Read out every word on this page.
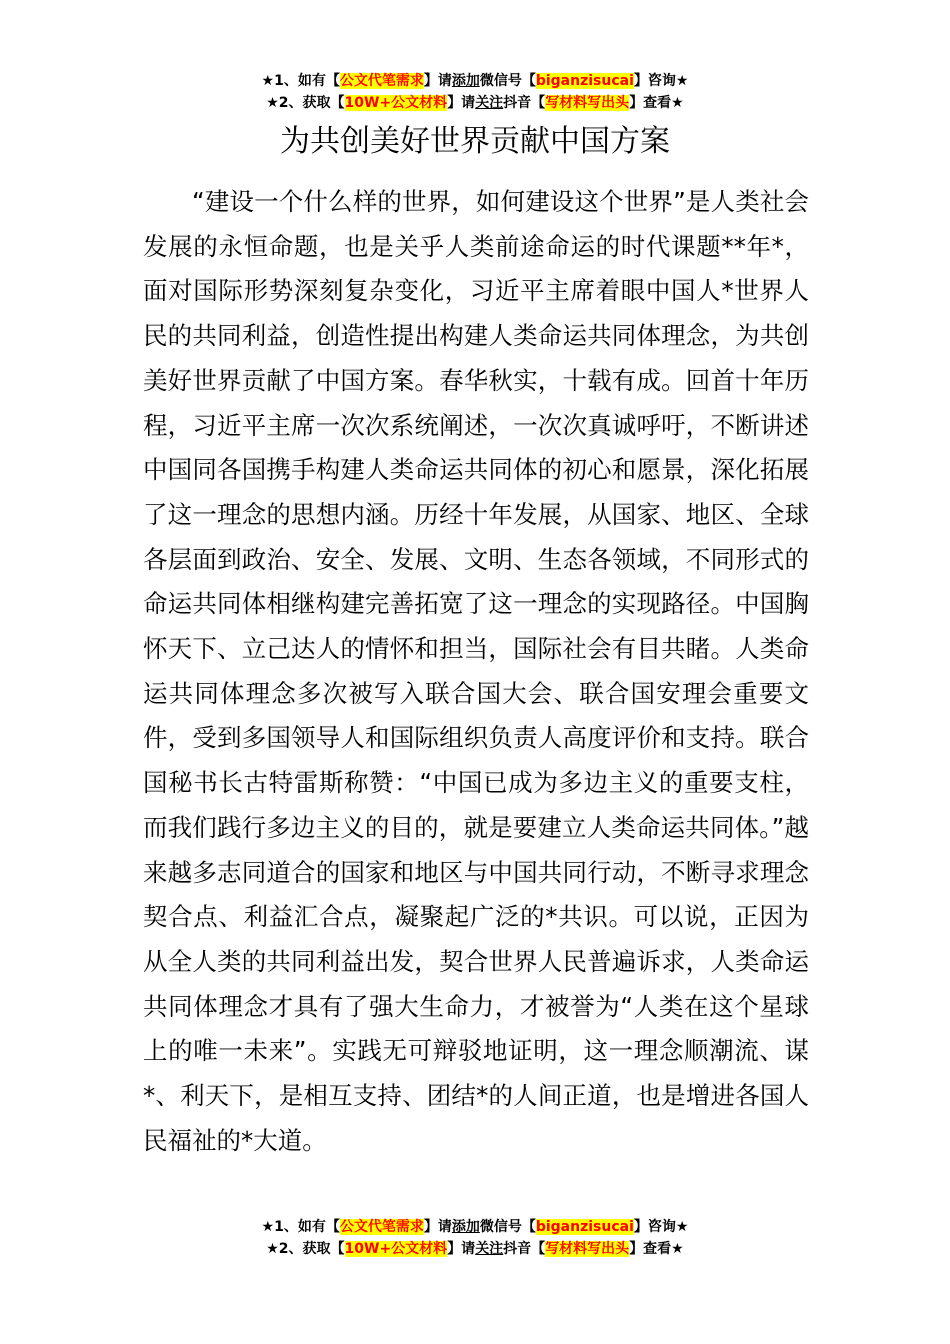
★1、如有【公文代笔需求】请添加微信号【biganzisucai】咨询★
★2、获取【10W+公文材料】请关注抖音【写材料写出头】查看★
为共创美好世界贡献中国方案

“建设一个什么样的世界，如何建设这个世界”是人类社会发展的永恒命题，也是关乎人类前途命运的时代课题**年*，面对国际形势深刻复杂变化，习近平主席着眼中国人*世界人民的共同利益，创造性提出构建人类命运共同体理念，为共创美好世界贡献了中国方案。春华秋实，十载有成。回首十年历程，习近平主席一次次系统阐述，一次次真诚呼吁，不断讲述中国同各国携手构建人类命运共同体的初心和愿景，深化拓展了这一理念的思想内涵。历经十年发展，从国家、地区、全球各层面到政治、安全、发展、文明、生态各领域，不同形式的命运共同体相继构建完善拓宽了这一理念的实现路径。中国胸怀天下、立己达人的情怀和担当，国际社会有目共睹。人类命运共同体理念多次被写入联合国大会、联合国安理会重要文件，受到多国领导人和国际组织负责人高度评价和支持。联合国秘书长古特雷斯称赞：“中国已成为多边主义的重要支柱，而我们践行多边主义的目的，就是要建立人类命运共同体。”越来越多志同道合的国家和地区与中国共同行动，不断寻求理念契合点、利益汇合点，凝聚起广泛的*共识。可以说，正因为从全人类的共同利益出发，契合世界人民普遍诉求，人类命运共同体理念才具有了强大生命力，才被誉为“人类在这个星球上的唯一未来”。实践无可辩驳地证明，这一理念顺潮流、谋*、利天下，是相互支持、团结*的人间正道，也是增进各国人民福祉的*大道。

★1、如有【公文代笔需求】请添加微信号【biganzisucai】咨询★
★2、获取【10W+公文材料】请关注抖音【写材料写出头】查看★
